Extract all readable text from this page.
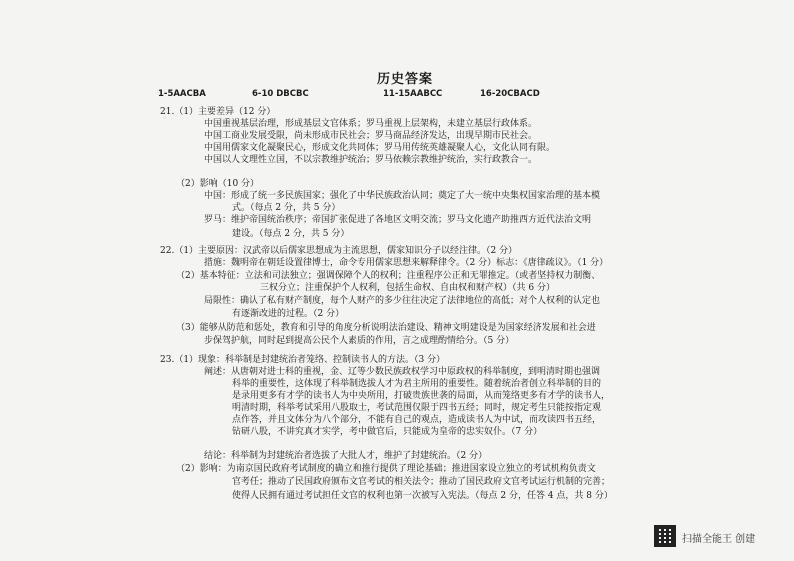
历史答案
1-5AACBA	6-10 DBCBC	11-15AABCC	16-20CBACD
21.（1）主要差异（12 分）
中国重视基层治理，形成基层文官体系；罗马重视上层架构，未建立基层行政体系。
中国工商业发展受限，尚未形成市民社会；罗马商品经济发达，出现早期市民社会。
中国用儒家文化凝聚民心，形成文化共同体；罗马用传统英雄凝聚人心，文化认同有限。
中国以人文理性立国，不以宗教维护统治；罗马依赖宗教维护统治，实行政教合一。
（2）影响（10 分）
中国：形成了统一多民族国家；强化了中华民族政治认同；奠定了大一统中央集权国家治理的基本模
式。（每点 2 分，共 5 分）
罗马：维护帝国统治秩序；帝国扩张促进了各地区文明交流；罗马文化遗产助推西方近代法治文明
建设。（每点 2 分，共 5 分）
22.（1）主要原因：汉武帝以后儒家思想成为主流思想，儒家知识分子以经注律。（2 分）
措施：魏明帝在朝廷设置律博士，命令专用儒家思想来解释律令。（2 分）标志：《唐律疏议》。（1 分）
（2）基本特征：立法和司法独立；强调保障个人的权利；注重程序公正和无罪推定。（或者坚持权力制衡、
三权分立；注重保护个人权利，包括生命权、自由权和财产权）（共 6 分）
局限性：确认了私有财产制度，每个人财产的多少往往决定了法律地位的高低；对个人权利的认定也
有逐渐改进的过程。（2 分）
（3）能够从防范和惩处，教育和引导的角度分析说明法治建设、精神文明建设是为国家经济发展和社会进
步保驾护航，同时起到提高公民个人素质的作用，言之成理酌情给分。（5 分）
23.（1）现象：科举制是封建统治者笼络、控制读书人的方法。（3 分）
阐述：从唐朝对进士科的重视，金、辽等少数民族政权学习中原政权的科举制度，到明清时期也强调
科举的重要性，这体现了科举制选拔人才为君主所用的重要性。随着统治者创立科举制的目的
是录用更多有才学的读书人为中央所用，打破贵族世袭的局面，从而笼络更多有才学的读书人，
明清时期，科举考试采用八股取士，考试范围仅限于四书五经；同时，规定考生只能按指定观
点作答，并且文体分为八个部分，不能有自己的观点，造成读书人为中试，而攻读四书五经，
钻研八股，不讲究真才实学，考中做官后，只能成为皇帝的忠实奴仆。（7 分）
结论：科举制为封建统治者选拔了大批人才，维护了封建统治。（2 分）
（2）影响：为南京国民政府考试制度的确立和推行提供了理论基础；推进国家设立独立的考试机构负责文
官考任；推动了民国政府颁布文官考试的相关法令；推动了国民政府文官考试运行机制的完善；
使得人民拥有通过考试担任文官的权利也第一次被写入宪法。（每点 2 分，任答 4 点，共 8 分）
扫描全能王 创建
